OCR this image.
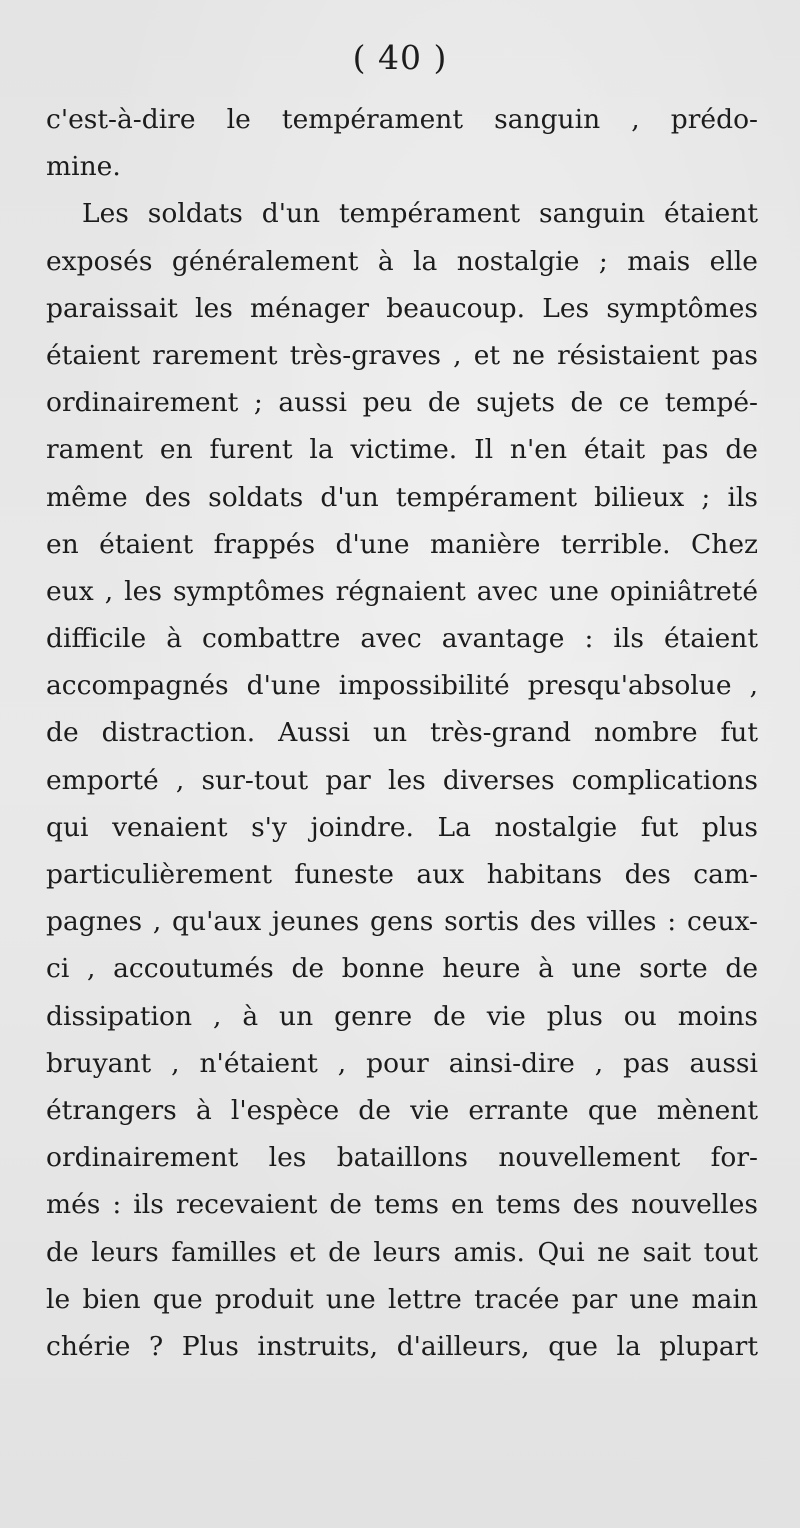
( 40 )
c'est-à-dire le tempérament sanguin , prédo-
mine.
Les soldats d'un tempérament sanguin étaient
exposés généralement à la nostalgie ; mais elle
paraissait les ménager beaucoup. Les symptômes
étaient rarement très-graves , et ne résistaient pas
ordinairement ; aussi peu de sujets de ce tempé-
rament en furent la victime. Il n'en était pas de
même des soldats d'un tempérament bilieux ; ils
en étaient frappés d'une manière terrible. Chez
eux , les symptômes régnaient avec une opiniâtreté
difficile à combattre avec avantage : ils étaient
accompagnés d'une impossibilité presqu'absolue ,
de distraction. Aussi un très-grand nombre fut
emporté , sur-tout par les diverses complications
qui venaient s'y joindre. La nostalgie fut plus
particulièrement funeste aux habitans des cam-
pagnes , qu'aux jeunes gens sortis des villes : ceux-
ci , accoutumés de bonne heure à une sorte de
dissipation , à un genre de vie plus ou moins
bruyant , n'étaient , pour ainsi-dire , pas aussi
étrangers à l'espèce de vie errante que mènent
ordinairement les bataillons nouvellement for-
més : ils recevaient de tems en tems des nouvelles
de leurs familles et de leurs amis. Qui ne sait tout
le bien que produit une lettre tracée par une main
chérie ? Plus instruits, d'ailleurs, que la plupart
